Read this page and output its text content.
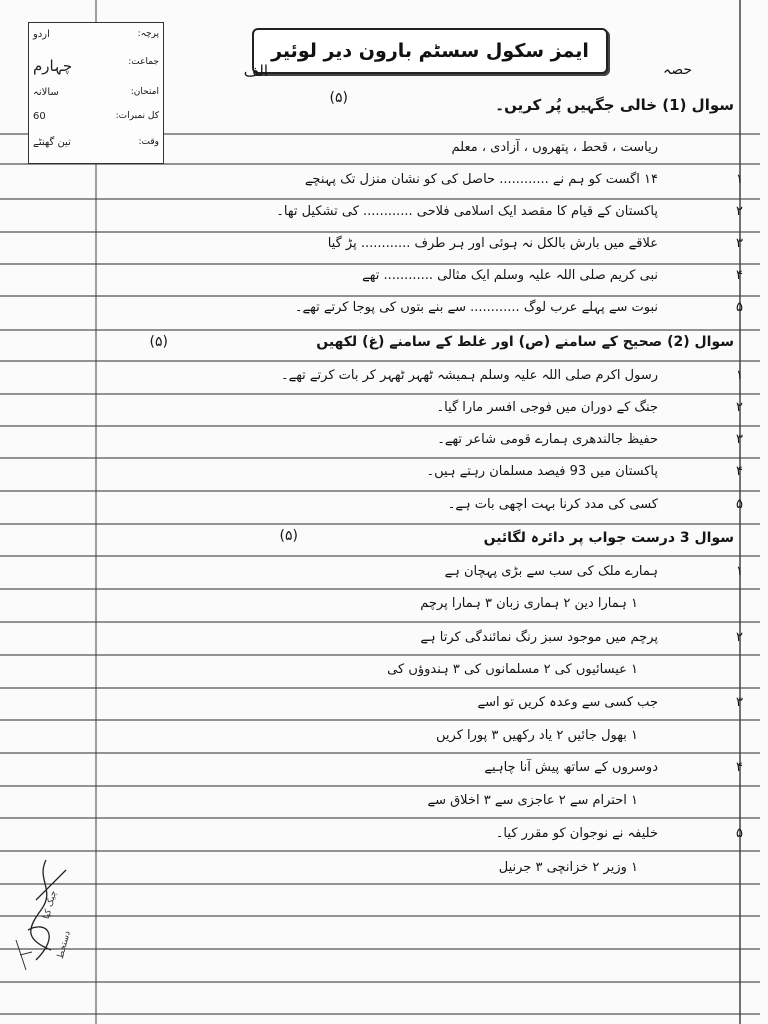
پرچہ:
اردو
جماعت:
چہارم
امتحان:
سالانہ
کل نمبرات:
60
وقت:
تین گھنٹے
ایمز سکول سسٹم بارون دیر لوئیر
الف	حصہ
(۵)	سوال (1) خالی جگہیں پُر کریں۔
ریاست ، قحط ، پتھروں ، آزادی ، معلم
۱
۱۴ اگست کو ہم نے ............ حاصل کی کو نشان منزل تک پہنچے
۲
پاکستان کے قیام کا مقصد ایک اسلامی فلاحی ............ کی تشکیل تھا۔
۳
علاقے میں بارش بالکل نہ ہوئی اور ہر طرف ............ پڑ گیا
۴
نبی کریم صلی اللہ علیہ وسلم ایک مثالی ............ تھے
۵
نبوت سے پہلے عرب لوگ ............ سے بنے بتوں کی پوجا کرتے تھے۔
سوال (2) صحیح کے سامنے (ص) اور غلط کے سامنے (غ) لکھیں
(۵)
۱
رسول اکرم صلی اللہ علیہ وسلم ہمیشہ ٹھہر ٹھہر کر بات کرتے تھے۔
۲
جنگ کے دوران میں فوجی افسر مارا گیا۔
۳
حفیظ جالندھری ہمارے قومی شاعر تھے۔
۴
پاکستان میں 93 فیصد مسلمان رہتے ہیں۔
۵
کسی کی مدد کرنا بہت اچھی بات ہے۔
سوال 3 درست جواب پر دائرہ لگائیں
(۵)
۱
ہمارے ملک کی سب سے بڑی پہچان ہے
۱ ہمارا دین ۲ ہماری زبان ۳ ہمارا پرچم
۲
پرچم میں موجود سبز رنگ نمائندگی کرتا ہے
۱ عیسائیوں کی ۲ مسلمانوں کی ۳ ہندوؤں کی
۳
جب کسی سے وعدہ کریں تو اسے
۱ بھول جائیں ۲ یاد رکھیں ۳ پورا کریں
۴
دوسروں کے ساتھ پیش آنا چاہیے
۱ احترام سے ۲ عاجزی سے ۳ اخلاق سے
۵
خلیفہ نے نوجوان کو مقرر کیا۔
۱ وزیر ۲ خزانچی ۳ جرنیل
چیک کیا
دستخط
